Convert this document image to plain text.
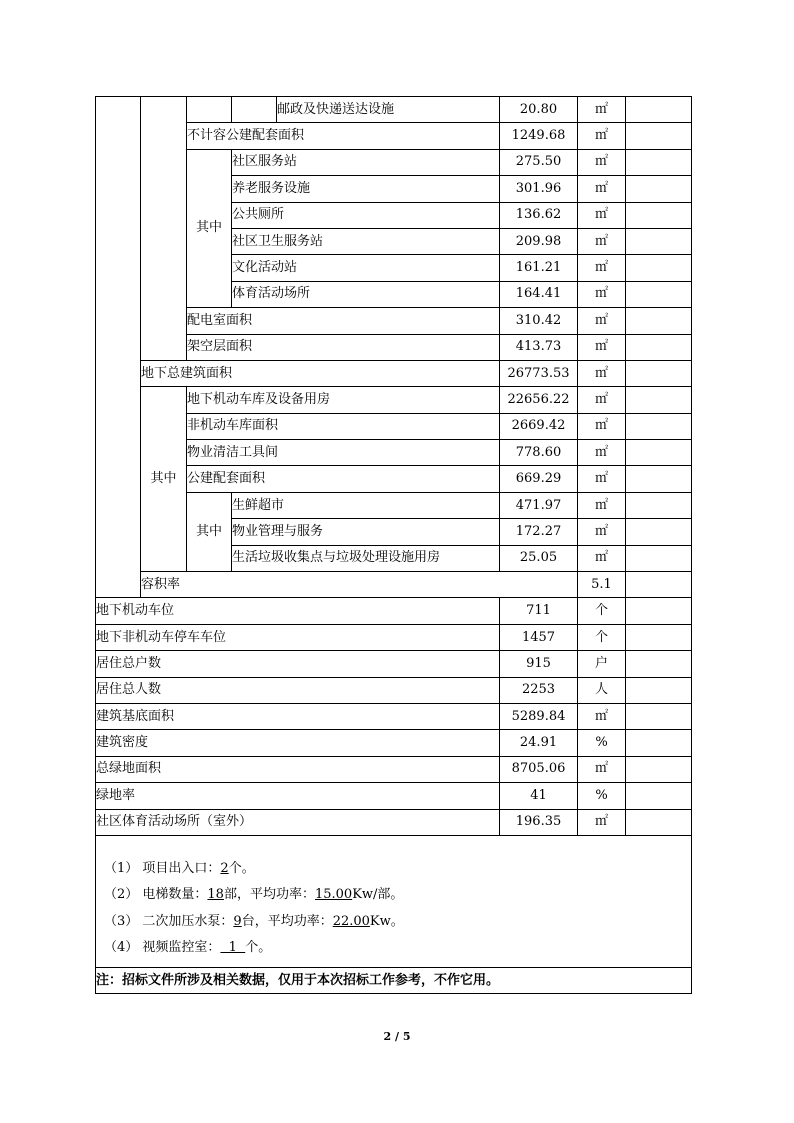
				邮政及快递送达设施	20.80	㎡		
		不计容公建配套面积			1249.68	㎡		
		其中	社区服务站		275.50	㎡		
			养老服务设施		301.96	㎡		
			公共厕所		136.62	㎡		
			社区卫生服务站		209.98	㎡		
			文化活动站		161.21	㎡		
			体育活动场所		164.41	㎡		
		配电室面积			310.42	㎡		
		架空层面积			413.73	㎡		
	地下总建筑面积				26773.53	㎡		
	其中	地下机动车库及设备用房			22656.22	㎡		
		非机动车库面积			2669.42	㎡		
		物业清洁工具间			778.60	㎡		
		公建配套面积			669.29	㎡		
		其中	生鲜超市		471.97	㎡		
			物业管理与服务		172.27	㎡		
			生活垃圾收集点与垃圾处理设施用房		25.05	㎡		
	容积率					5.1		
地下机动车位					711	个		
地下非机动车停车车位					1457	个		
居住总户数					915	户		
居住总人数					2253	人		
建筑基底面积					5289.84	㎡		
建筑密度					24.91	%		
总绿地面积					8705.06	㎡		
绿地率					41	%		
社区体育活动场所（室外）					196.35	㎡		

（1） 项目出入口：2个。
（2） 电梯数量：18部，平均功率：15.00Kw/部。
（3） 二次加压水泵：9台，平均功率：22.00Kw。
（4） 视频监控室：  1  个。								

注：招标文件所涉及相关数据，仅用于本次招标工作参考，不作它用。								
2 / 5
